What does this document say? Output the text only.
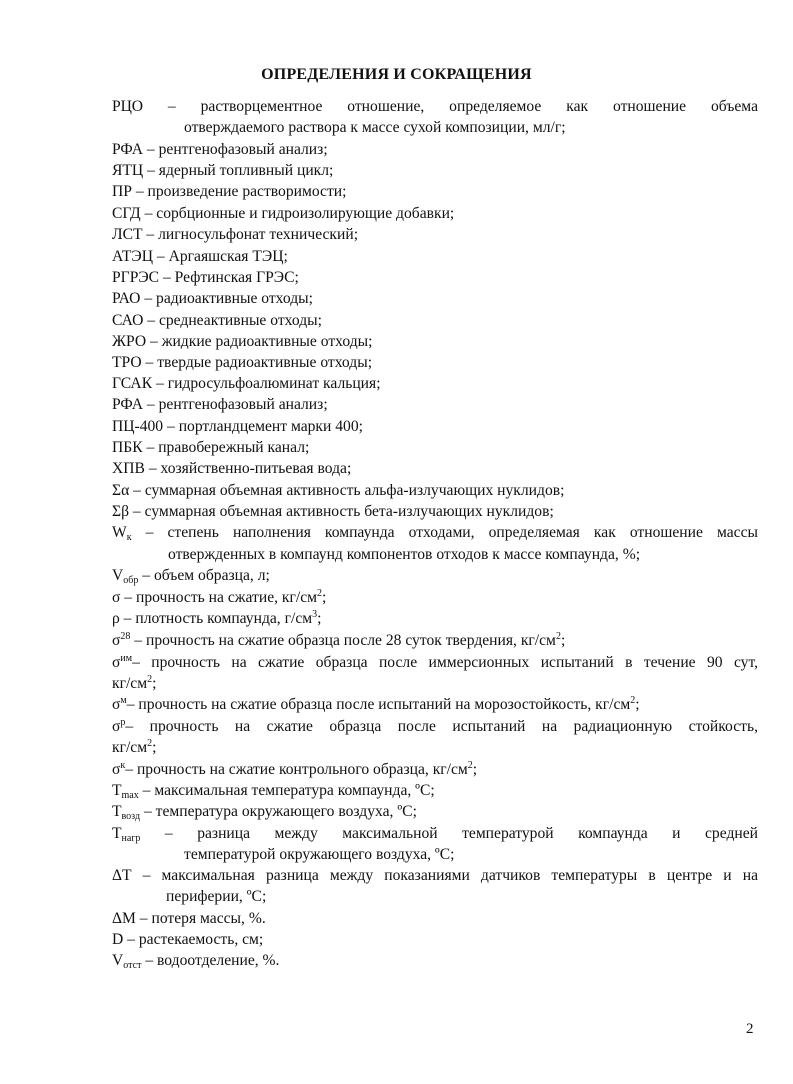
ОПРЕДЕЛЕНИЯ И СОКРАЩЕНИЯ
РЦО – растворцементное отношение, определяемое как отношение объема
отверждаемого раствора к массе сухой композиции, мл/г;
РФА – рентгенофазовый анализ;
ЯТЦ – ядерный топливный цикл;
ПР – произведение растворимости;
СГД – сорбционные и гидроизолирующие добавки;
ЛСТ – лигносульфонат технический;
АТЭЦ – Аргаяшская ТЭЦ;
РГРЭС – Рефтинская ГРЭС;
РАО – радиоактивные отходы;
САО – среднеактивные отходы;
ЖРО – жидкие радиоактивные отходы;
ТРО – твердые радиоактивные отходы;
ГСАК – гидросульфоалюминат кальция;
РФА – рентгенофазовый анализ;
ПЦ-400 – портландцемент марки 400;
ПБК – правобережный канал;
ХПВ – хозяйственно-питьевая вода;
Σα – суммарная объемная активность альфа-излучающих нуклидов;
Σβ – суммарная объемная активность бета-излучающих нуклидов;
$W_к$ – степень наполнения компаунда отходами, определяемая как отношение массы
отвержденных в компаунд компонентов отходов к массе компаунда, %;
$V_{обр}$ – объем образца, л;
σ – прочность на сжатие, $кг/см^2$;
ρ – плотность компаунда, $г/см^3$;
$\sigma^{28}$ – прочность на сжатие образца после 28 суток твердения, $кг/см^2$;
$\sigma^{им}-$ прочность на сжатие образца после иммерсионных испытаний в течение 90 сут,
$кг/см^2$;
$\sigma^м-$ прочность на сжатие образца после испытаний на морозостойкость, $кг/см^2$;
$\sigma^р-$ прочность на сжатие образца после испытаний на радиационную стойкость,
$кг/см^2$;
$\sigma^к-$ прочность на сжатие контрольного образца, $кг/см^2$;
$Т_{max}$ – максимальная температура компаунда, ºС;
$Т_{возд}$ – температура окружающего воздуха, ºС;
$Т_{нагр}$ – разница между максимальной температурой компаунда и средней
температурой окружающего воздуха, ºС;
ΔТ – максимальная разница между показаниями датчиков температуры в центре и на
периферии, ºС;
ΔМ – потеря массы, %.
D – растекаемость, см;
$V_{отст}$ – водоотделение, %.
2
